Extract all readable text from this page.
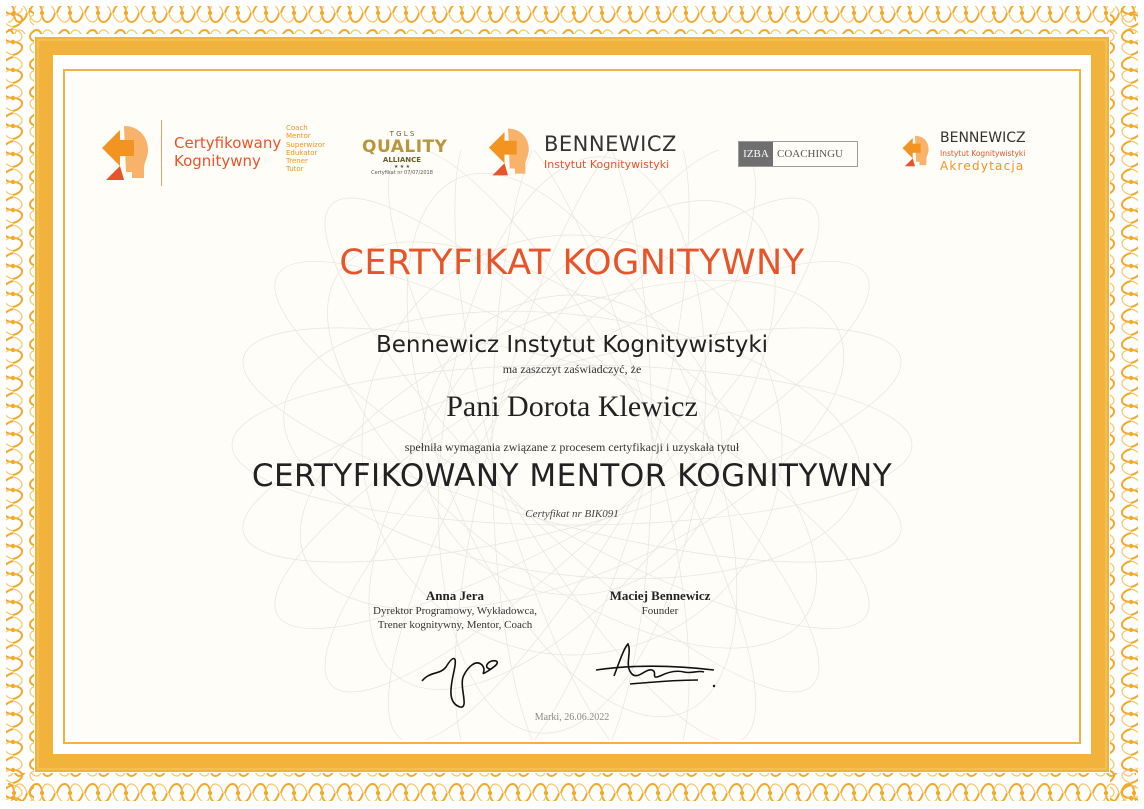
Certyfikowany
Kognitywny
Coach
Mentor
Superwizor
Edukator
Trener
Tutor
T G L S
QUALITY
ALLIANCE
★ ★ ★
Certyfikat nr 07/07/2018
BENNEWICZ
Instytut Kognitywistyki
IZBA COACHINGU
BENNEWICZ
Instytut Kognitywistyki
Akredytacja
CERTYFIKAT KOGNITYWNY
Bennewicz Instytut Kognitywistyki
ma zaszczyt zaświadczyć, że
Pani Dorota Klewicz
spełniła wymagania związane z procesem certyfikacji i uzyskała tytuł
CERTYFIKOWANY MENTOR KOGNITYWNY
Certyfikat nr BIK091
Anna Jera
Dyrektor Programowy, Wykładowca,
Trener kognitywny, Mentor, Coach
Maciej Bennewicz
Founder
Marki, 26.06.2022
